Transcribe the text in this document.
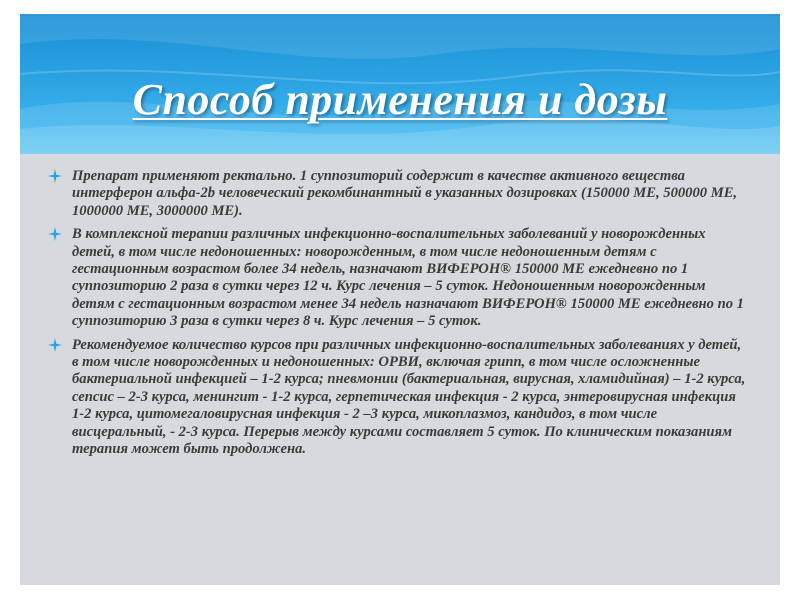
Способ применения и дозы
Препарат применяют ректально. 1 суппозиторий содержит в качестве активного вещества интерферон альфа-2b человеческий рекомбинантный в указанных дозировках (150000 МЕ, 500000 МЕ, 1000000 МЕ, 3000000 МЕ).
В комплексной терапии различных инфекционно-воспалительных заболеваний у новорожденных детей, в том числе недоношенных: новорожденным, в том числе недоношенным детям с гестационным возрастом более 34 недель, назначают ВИФЕРОН® 150000 МЕ ежедневно по 1 суппозиторию 2 раза в сутки через 12 ч. Курс лечения – 5 суток. Недоношенным новорожденным детям с гестационным возрастом менее 34 недель назначают ВИФЕРОН® 150000 МЕ ежедневно по 1 суппозиторию 3 раза в сутки через 8 ч. Курс лечения – 5 суток.
Рекомендуемое количество курсов при различных инфекционно-воспалительных заболеваниях у детей, в том числе новорожденных и недоношенных: ОРВИ, включая грипп, в том числе осложненные бактериальной инфекцией – 1-2 курса; пневмонии (бактериальная, вирусная, хламидийная) – 1-2 курса, сепсис – 2-3 курса, менингит - 1-2 курса, герпетическая инфекция - 2 курса, энтеровирусная инфекция 1-2 курса, цитомегаловирусная инфекция - 2 –3 курса, микоплазмоз, кандидоз, в том числе висцеральный, - 2-3 курса. Перерыв между курсами составляет 5 суток. По клиническим показаниям терапия может быть продолжена.
